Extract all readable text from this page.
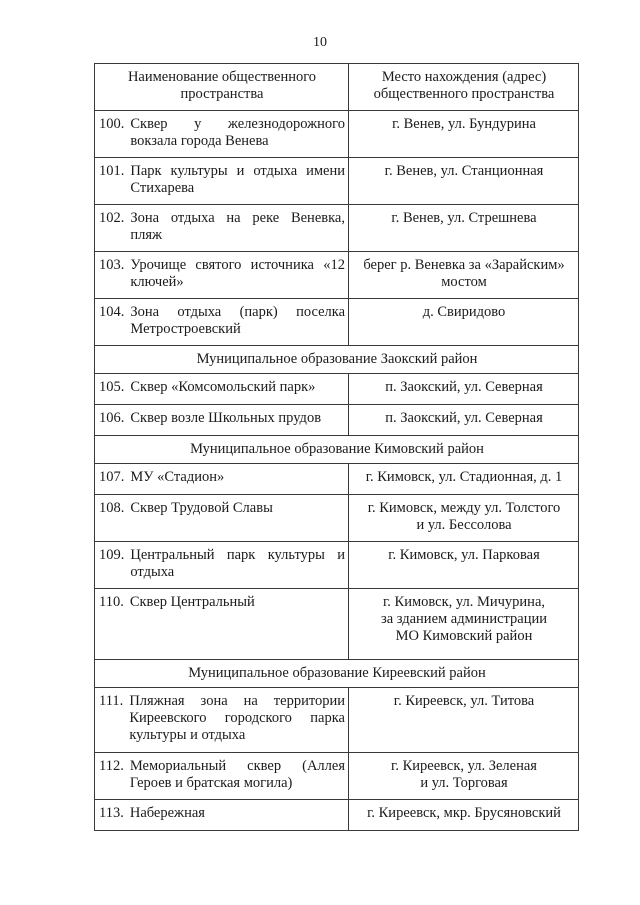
10
Наименование общественного пространства	Место нахождения (адрес) общественного пространства

100. Сквер у железнодорожного вокзала города Венева	г. Венев, ул. Бундурина

101. Парк культуры и отдыха имени Стихарева	г. Венев, ул. Станционная

102. Зона отдыха на реке Веневка, пляж	г. Венев, ул. Стрешнева

103. Урочище святого источника «12 ключей»	берег р. Веневка за «Зарайским» мостом

104. Зона отдыха (парк) поселка Метростроевский	д. Свиридово
Муниципальное образование Заокский район	

105. Сквер «Комсомольский парк»	п. Заокский, ул. Северная

106. Сквер возле Школьных прудов	п. Заокский, ул. Северная
Муниципальное образование Кимовский район	

107. МУ «Стадион»	г. Кимовск, ул. Стадионная, д. 1

108. Сквер Трудовой Славы	г. Кимовск, между ул. Толстого
и ул. Бессолова

109. Центральный парк культуры и отдыха	г. Кимовск, ул. Парковая

110. Сквер Центральный	г. Кимовск, ул. Мичурина,
за зданием администрации
МО Кимовский район
Муниципальное образование Киреевский район	

111. Пляжная зона на территории Киреевского городского парка культуры и отдыха	г. Киреевск, ул. Титова

112. Мемориальный сквер (Аллея Героев и братская могила)	г. Киреевск, ул. Зеленая
и ул. Торговая

113. Набережная	г. Киреевск, мкр. Брусяновский
